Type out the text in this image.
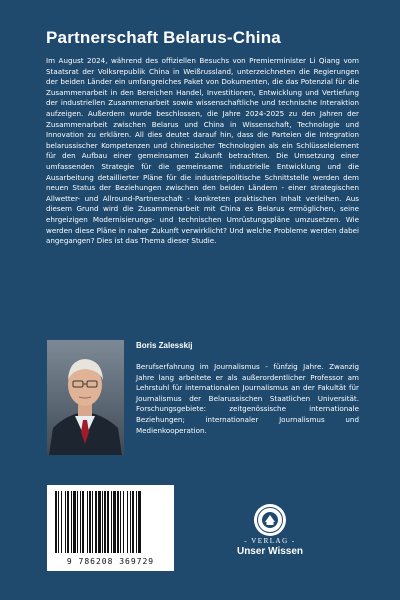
Partnerschaft Belarus-China
Im August 2024, während des offiziellen Besuchs von Premierminister Li Qiang vom Staatsrat der Volksrepublik China in Weißrussland, unterzeichneten die Regierungen der beiden Länder ein umfangreiches Paket von Dokumenten, die das Potenzial für die Zusammenarbeit in den Bereichen Handel, Investitionen, Entwicklung und Vertiefung der industriellen Zusammenarbeit sowie wissenschaftliche und technische Interaktion aufzeigen. Außerdem wurde beschlossen, die Jahre 2024-2025 zu den Jahren der Zusammenarbeit zwischen Belarus und China in Wissenschaft, Technologie und Innovation zu erklären. All dies deutet darauf hin, dass die Parteien die Integration belarussischer Kompetenzen und chinesischer Technologien als ein Schlüsselelement für den Aufbau einer gemeinsamen Zukunft betrachten. Die Umsetzung einer umfassenden Strategie für die gemeinsame industrielle Entwicklung und die Ausarbeitung detaillierter Pläne für die industriepolitische Schnittstelle werden dem neuen Status der Beziehungen zwischen den beiden Ländern - einer strategischen Allwetter- und Allround-Partnerschaft - konkreten praktischen Inhalt verleihen. Aus diesem Grund wird die Zusammenarbeit mit China es Belarus ermöglichen, seine ehrgeizigen Modernisierungs- und technischen Umrüstungspläne umzusetzen. Wie werden diese Pläne in naher Zukunft verwirklicht? Und welche Probleme werden dabei angegangen? Dies ist das Thema dieser Studie.
Boris Zalesskij
Berufserfahrung im Journalismus - fünfzig Jahre. Zwanzig Jahre lang arbeitete er als außerordentlicher Professor am Lehrstuhl für internationalen Journalismus an der Fakultät für Journalismus der Belarussischen Staatlichen Universität. Forschungsgebiete: zeitgenössische internationale Beziehungen; internationaler Journalismus und Medienkooperation.
9 786208 369729
- VERLAG -
Unser Wissen
